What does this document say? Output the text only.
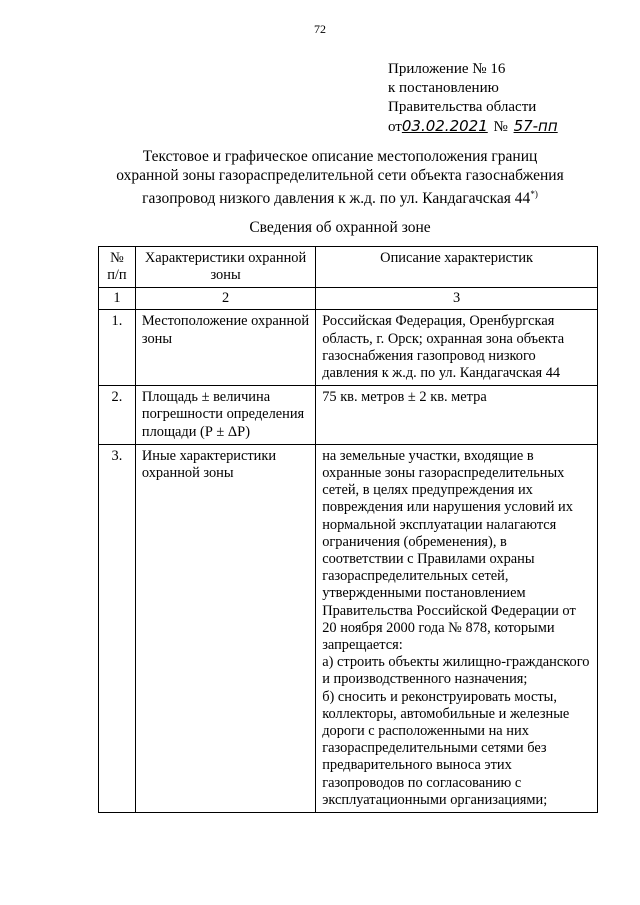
72
Приложение № 16
к постановлению
Правительства области
от03.02.2021 № 57-пп
Текстовое и графическое описание местоположения границ
охранной зоны газораспределительной сети объекта газоснабжения
газопровод низкого давления к ж.д. по ул. Кандагачская 44*)
Сведения об охранной зоне
№ п/п	Характеристики охранной зоны	Описание характеристик
1	2	3
1.	Местоположение охранной зоны	Российская Федерация, Оренбургская область, г. Орск; охранная зона объекта газоснабжения газопровод низкого давления к ж.д. по ул. Кандагачская 44
2.	Площадь ± величина погрешности определения площади (Р ± ΔР)	75 кв. метров ± 2 кв. метра
3.	Иные характеристики охранной зоны	на земельные участки, входящие в охранные зоны газораспределительных сетей, в целях предупреждения их повреждения или нарушения условий их нормальной эксплуатации налагаются ограничения (обременения), в соответствии с Правилами охраны газораспределительных сетей, утвержденными постановлением Правительства Российской Федерации от 20 ноября 2000 года № 878, которыми запрещается:
а) строить объекты жилищно-гражданского и производственного назначения;
б) сносить и реконструировать мосты, коллекторы, автомобильные и железные дороги с расположенными на них газораспределительными сетями без предварительного выноса этих газопроводов по согласованию с эксплуатационными организациями;
